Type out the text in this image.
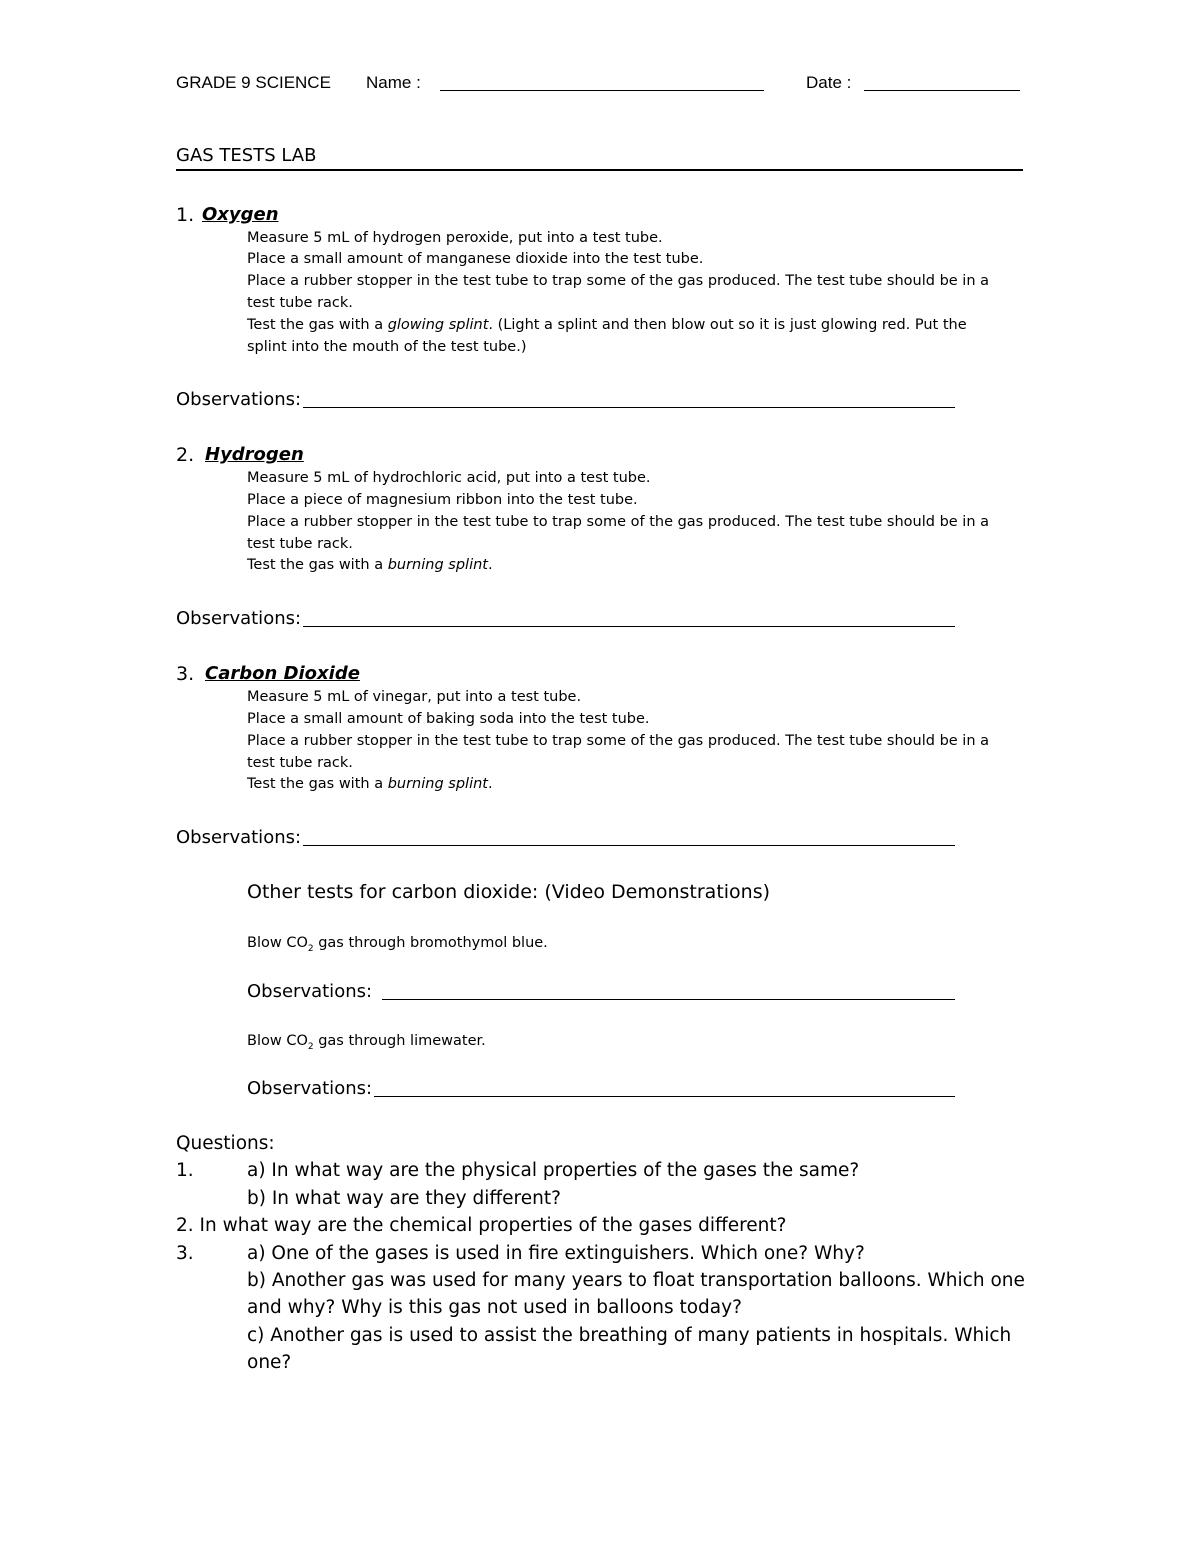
GRADE 9 SCIENCE Name :	Date :
GAS TESTS LAB
1. Oxygen
Measure 5 mL of hydrogen peroxide, put into a test tube.
Place a small amount of manganese dioxide into the test tube.
Place a rubber stopper in the test tube to trap some of the gas produced. The test tube should be in a
test tube rack.
Test the gas with a glowing splint. (Light a splint and then blow out so it is just glowing red. Put the
splint into the mouth of the test tube.)
Observations:
2. Hydrogen
Measure 5 mL of hydrochloric acid, put into a test tube.
Place a piece of magnesium ribbon into the test tube.
Place a rubber stopper in the test tube to trap some of the gas produced. The test tube should be in a
test tube rack.
Test the gas with a burning splint.
Observations:
3. Carbon Dioxide
Measure 5 mL of vinegar, put into a test tube.
Place a small amount of baking soda into the test tube.
Place a rubber stopper in the test tube to trap some of the gas produced. The test tube should be in a
test tube rack.
Test the gas with a burning splint.
Observations:
Other tests for carbon dioxide: (Video Demonstrations)
Blow $CO_2$ gas through bromothymol blue.
Observations:
Blow $CO_2$ gas through limewater.
Observations:
Questions:
1.	a) In what way are the physical properties of the gases the same?
b) In what way are they different?
2. In what way are the chemical properties of the gases different?
3.	a) One of the gases is used in fire extinguishers. Which one? Why?
b) Another gas was used for many years to float transportation balloons. Which one
and why? Why is this gas not used in balloons today?
c) Another gas is used to assist the breathing of many patients in hospitals. Which
one?
